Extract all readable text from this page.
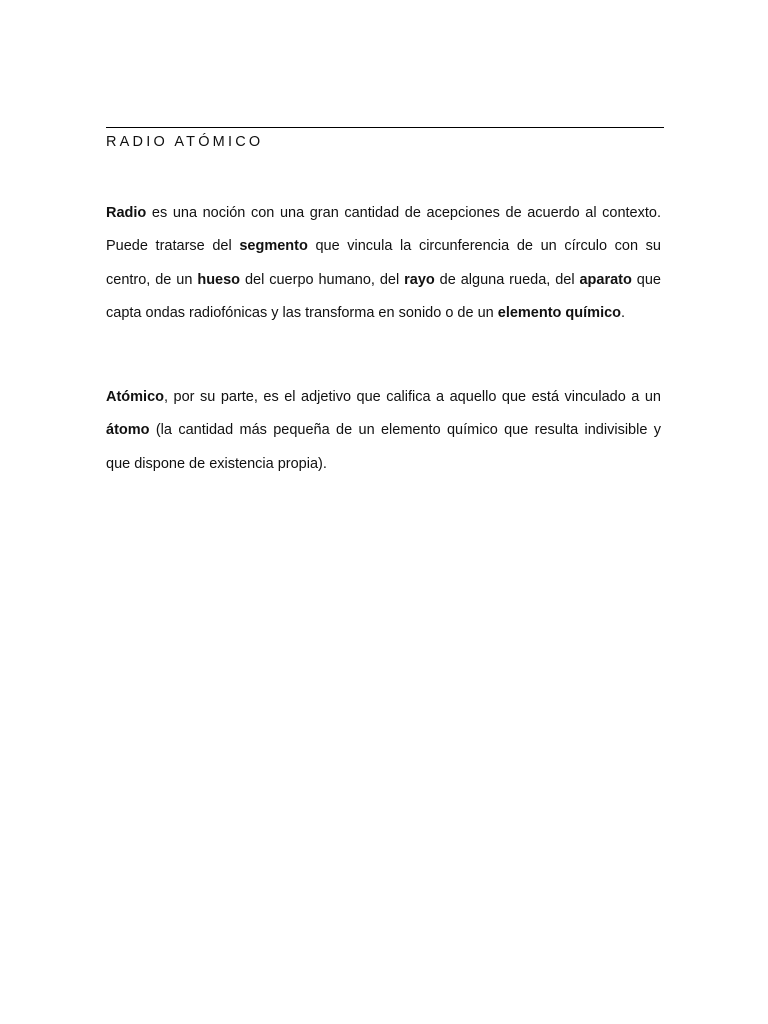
RADIO ATÓMICO

Radio es una noción con una gran cantidad de acepciones de acuerdo al contexto. Puede tratarse del segmento que vincula la circunferencia de un círculo con su centro, de un hueso del cuerpo humano, del rayo de alguna rueda, del aparato que capta ondas radiofónicas y las transforma en sonido o de un elemento químico.

Atómico, por su parte, es el adjetivo que califica a aquello que está vinculado a un átomo (la cantidad más pequeña de un elemento químico que resulta indivisible y que dispone de existencia propia).
